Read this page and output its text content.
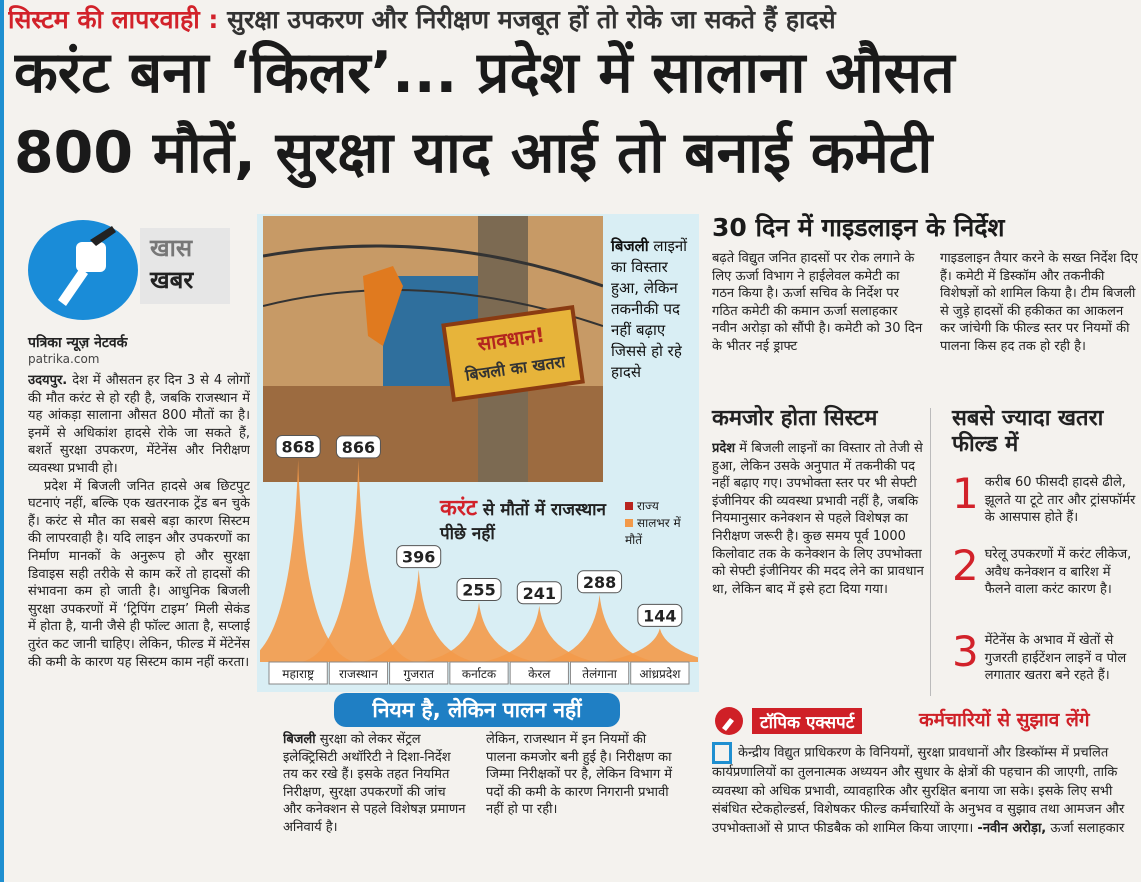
सिस्टम की लापरवाही : सुरक्षा उपकरण और निरीक्षण मजबूत हों तो रोके जा सकते हैं हादसे
करंट बना ‘किलर’... प्रदेश में सालाना औसत
800 मौतें, सुरक्षा याद आई तो बनाई कमेटी
खास
खबर
पत्रिका न्यूज़ नेटवर्क
patrika.com

उदयपुर. देश में औसतन हर दिन 3 से 4 लोगों की मौत करंट से हो रही है, जबकि राजस्थान में यह आंकड़ा सालाना औसत 800 मौतों का है। इनमें से अधिकांश हादसे रोके जा सकते हैं, बशर्ते सुरक्षा उपकरण, मेंटेनेंस और निरीक्षण व्यवस्था प्रभावी हो।

प्रदेश में बिजली जनित हादसे अब छिटपुट घटनाएं नहीं, बल्कि एक खतरनाक ट्रेंड बन चुके हैं। करंट से मौत का सबसे बड़ा कारण सिस्टम की लापरवाही है। यदि लाइन और उपकरणों का निर्माण मानकों के अनुरूप हो और सुरक्षा डिवाइस सही तरीके से काम करें तो हादसों की संभावना कम हो जाती है। आधुनिक बिजली सुरक्षा उपकरणों में ‘ट्रिपिंग टाइम’ मिली सेकंड में होता है, यानी जैसे ही फॉल्ट आता है, सप्लाई तुरंत कट जानी चाहिए। लेकिन, फील्ड में मेंटेनेंस की कमी के कारण यह सिस्टम काम नहीं करता।

सावधान!
बिजली का खतरा
बिजली लाइनों का विस्तार हुआ, लेकिन तकनीकी पद नहीं बढ़ाए जिससे हो रहे हादसे
868 866
396
255 241
288
144
महाराष्ट्र राजस्थान गुजरात कर्नाटक	केरल	तेलंगाना आंध्रप्रदेश
करंट से मौतों में राजस्थान पीछे नहीं
राज्य
सालभर में मौतें
नियम है, लेकिन पालन नहीं
बिजली सुरक्षा को लेकर सेंट्रल इलेक्ट्रिसिटी अथॉरिटी ने दिशा-निर्देश तय कर रखे हैं। इसके तहत नियमित निरीक्षण, सुरक्षा उपकरणों की जांच और कनेक्शन से पहले विशेषज्ञ प्रमाणन अनिवार्य है।
लेकिन, राजस्थान में इन नियमों की पालना कमजोर बनी हुई है। निरीक्षण का जिम्मा निरीक्षकों पर है, लेकिन विभाग में पदों की कमी के कारण निगरानी प्रभावी नहीं हो पा रही।
30 दिन में गाइडलाइन के निर्देश
बढ़ते विद्युत जनित हादसों पर रोक लगाने के लिए ऊर्जा विभाग ने हाईलेवल कमेटी का गठन किया है। ऊर्जा सचिव के निर्देश पर गठित कमेटी की कमान ऊर्जा सलाहकार नवीन अरोड़ा को सौंपी है। कमेटी को 30 दिन के भीतर नई ड्राफ्ट
गाइडलाइन तैयार करने के सख्त निर्देश दिए हैं। कमेटी में डिस्कॉम और तकनीकी विशेषज्ञों को शामिल किया है। टीम बिजली से जुड़े हादसों की हकीकत का आकलन कर जांचेगी कि फील्ड स्तर पर नियमों की पालना किस हद तक हो रही है।
कमजोर होता सिस्टम
प्रदेश में बिजली लाइनों का विस्तार तो तेजी से हुआ, लेकिन उसके अनुपात में तकनीकी पद नहीं बढ़ाए गए। उपभोक्ता स्तर पर भी सेफ्टी इंजीनियर की व्यवस्था प्रभावी नहीं है, जबकि नियमानुसार कनेक्शन से पहले विशेषज्ञ का निरीक्षण जरूरी है। कुछ समय पूर्व 1000 किलोवाट तक के कनेक्शन के लिए उपभोक्ता को सेफ्टी इंजीनियर की मदद लेने का प्रावधान था, लेकिन बाद में इसे हटा दिया गया।
सबसे ज्यादा खतरा
फील्ड में
1 करीब 60 फीसदी हादसे ढीले, झूलते या टूटे तार और ट्रांसफॉर्मर के आसपास होते हैं।
2 घरेलू उपकरणों में करंट लीकेज, अवैध कनेक्शन व बारिश में फैलने वाला करंट कारण है।
3 मेंटेनेंस के अभाव में खेतों से गुजरती हाईटेंशन लाइनें व पोल लगातार खतरा बने रहते हैं।
टॉपिक एक्सपर्ट	कर्मचारियों से सुझाव लेंगे
केन्द्रीय विद्युत प्राधिकरण के विनियमों, सुरक्षा प्रावधानों और डिस्कॉम्स में प्रचलित कार्यप्रणालियों का तुलनात्मक अध्ययन और सुधार के क्षेत्रों की पहचान की जाएगी, ताकि व्यवस्था को अधिक प्रभावी, व्यावहारिक और सुरक्षित बनाया जा सके। इसके लिए सभी संबंधित स्टेकहोल्डर्स, विशेषकर फील्ड कर्मचारियों के अनुभव व सुझाव तथा आमजन और उपभोक्ताओं से प्राप्त फीडबैक को शामिल किया जाएगा। -नवीन अरोड़ा, ऊर्जा सलाहकार
